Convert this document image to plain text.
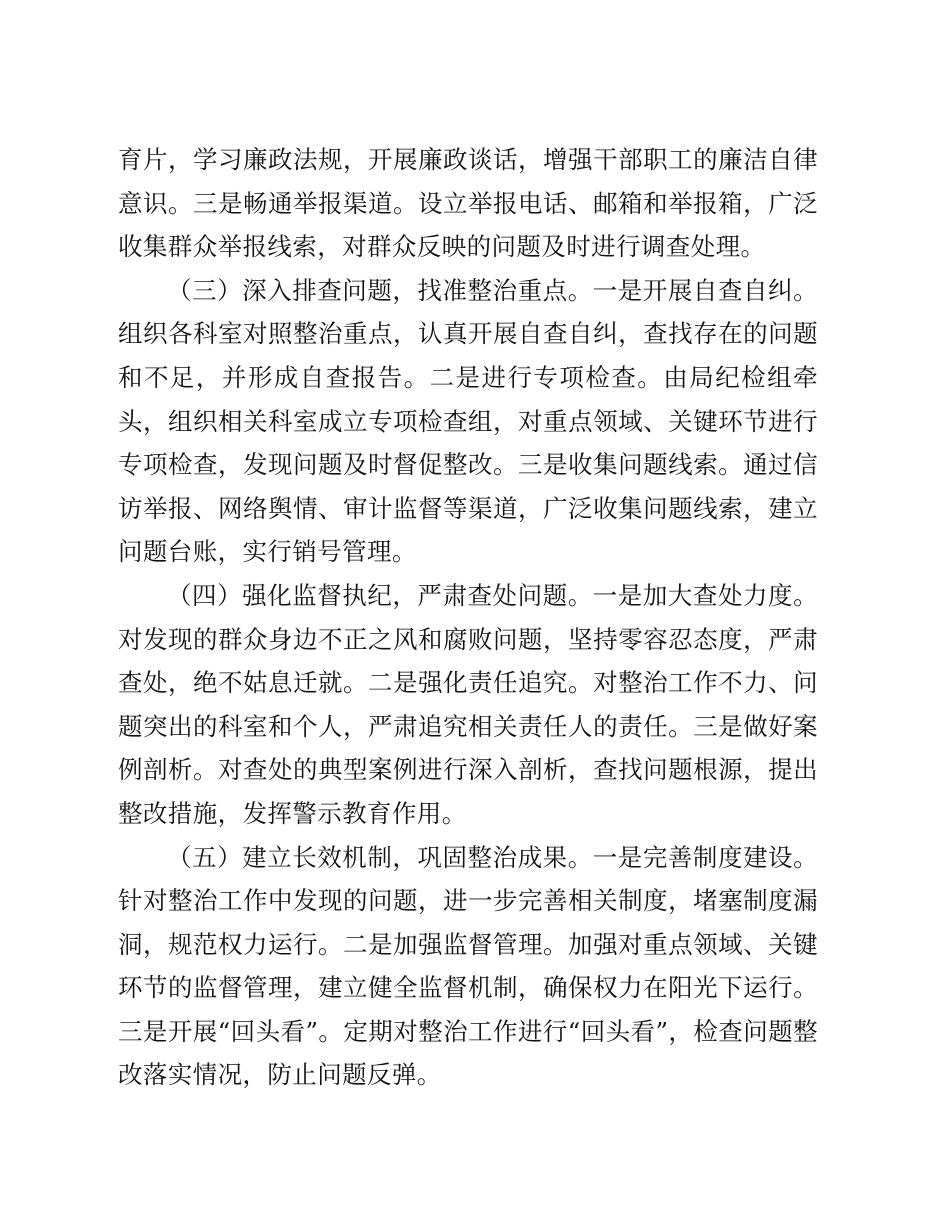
育片，学习廉政法规，开展廉政谈话，增强干部职工的廉洁自律意识。三是畅通举报渠道。设立举报电话、邮箱和举报箱，广泛收集群众举报线索，对群众反映的问题及时进行调查处理。

（三）深入排查问题，找准整治重点。一是开展自查自纠。组织各科室对照整治重点，认真开展自查自纠，查找存在的问题和不足，并形成自查报告。二是进行专项检查。由局纪检组牵头，组织相关科室成立专项检查组，对重点领域、关键环节进行专项检查，发现问题及时督促整改。三是收集问题线索。通过信访举报、网络舆情、审计监督等渠道，广泛收集问题线索，建立问题台账，实行销号管理。

（四）强化监督执纪，严肃查处问题。一是加大查处力度。对发现的群众身边不正之风和腐败问题，坚持零容忍态度，严肃查处，绝不姑息迁就。二是强化责任追究。对整治工作不力、问题突出的科室和个人，严肃追究相关责任人的责任。三是做好案例剖析。对查处的典型案例进行深入剖析，查找问题根源，提出整改措施，发挥警示教育作用。

（五）建立长效机制，巩固整治成果。一是完善制度建设。针对整治工作中发现的问题，进一步完善相关制度，堵塞制度漏洞，规范权力运行。二是加强监督管理。加强对重点领域、关键环节的监督管理，建立健全监督机制，确保权力在阳光下运行。三是开展“回头看”。定期对整治工作进行“回头看”，检查问题整改落实情况，防止问题反弹。
